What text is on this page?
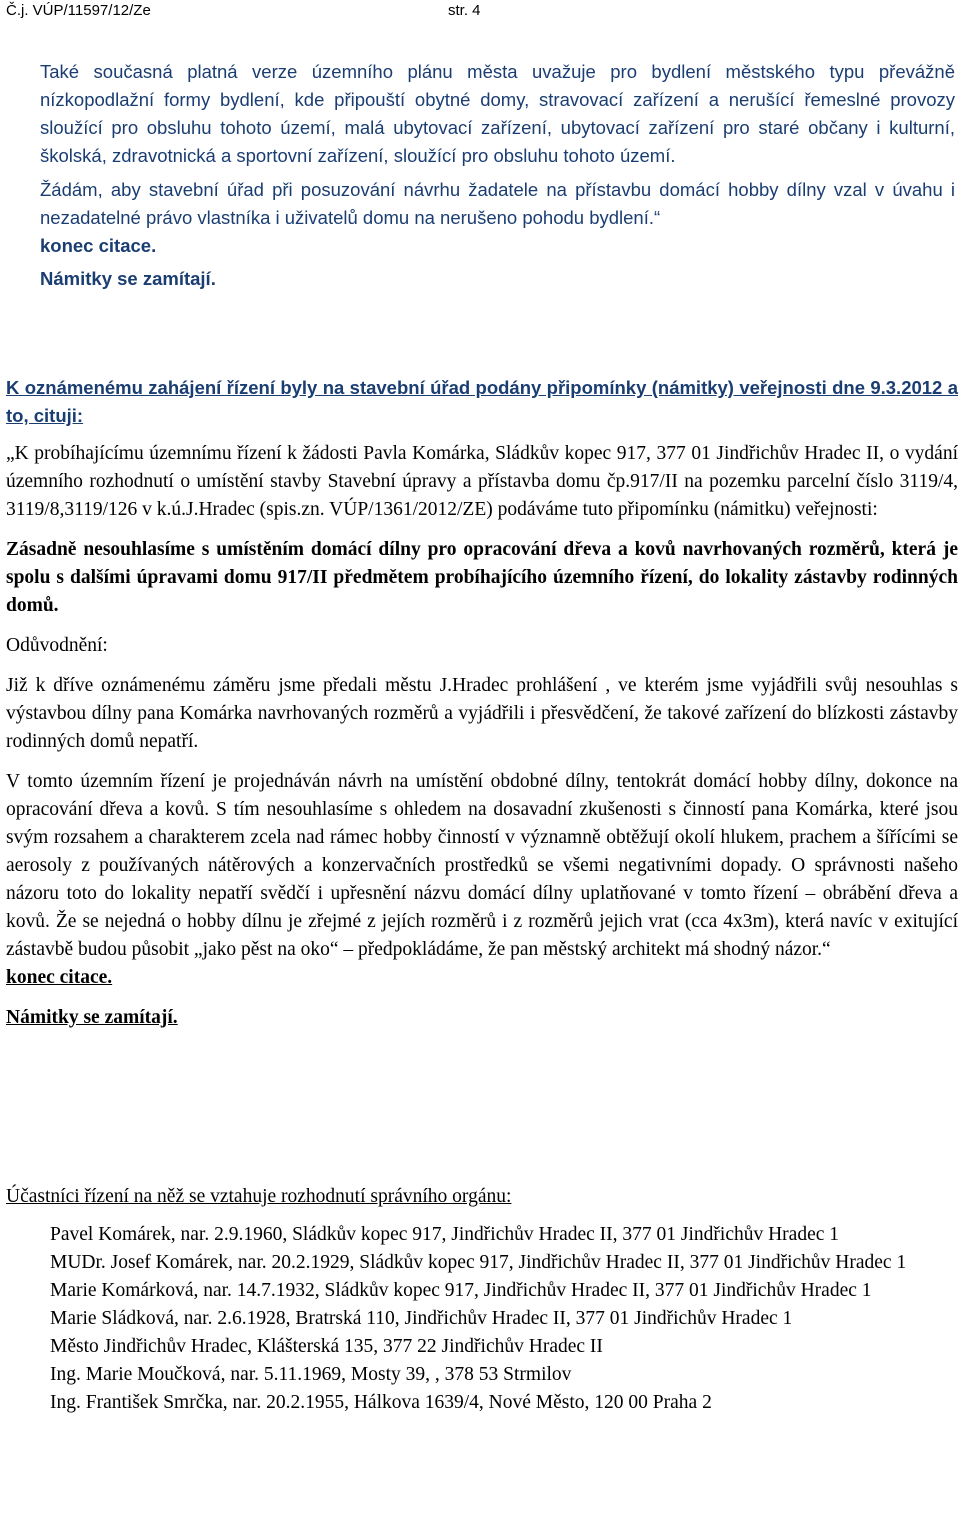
Č.j. VÚP/11597/12/Ze	str. 4

Také současná platná verze územního plánu města uvažuje pro bydlení městského typu převážně nízkopodlažní formy bydlení, kde připouští obytné domy, stravovací zařízení a nerušící řemeslné provozy sloužící pro obsluhu tohoto území, malá ubytovací zařízení, ubytovací zařízení pro staré občany i kulturní, školská, zdravotnická a sportovní zařízení, sloužící pro obsluhu tohoto území.

Žádám, aby stavební úřad při posuzování návrhu žadatele na přístavbu domácí hobby dílny vzal v úvahu i nezadatelné právo vlastníka i uživatelů domu na nerušeno pohodu bydlení.“

konec citace.

Námitky se zamítají.

K oznámenému zahájení řízení byly na stavební úřad podány připomínky (námitky) veřejnosti dne 9.3.2012 a to, cituji:

„K probíhajícímu územnímu řízení k žádosti Pavla Komárka, Sládkův kopec 917, 377 01 Jindřichův Hradec II, o vydání územního rozhodnutí o umístění stavby Stavební úpravy a přístavba domu čp.917/II na pozemku parcelní číslo 3119/4, 3119/8,3119/126 v k.ú.J.Hradec (spis.zn. VÚP/1361/2012/ZE) podáváme tuto připomínku (námitku) veřejnosti:

Zásadně nesouhlasíme s umístěním domácí dílny pro opracování dřeva a kovů navrhovaných rozměrů, která je spolu s dalšími úpravami domu 917/II předmětem probíhajícího územního řízení, do lokality zástavby rodinných domů.

Odůvodnění:

Již k dříve oznámenému záměru jsme předali městu J.Hradec prohlášení , ve kterém jsme vyjádřili svůj nesouhlas s výstavbou dílny pana Komárka navrhovaných rozměrů a vyjádřili i přesvědčení, že takové zařízení do blízkosti zástavby rodinných domů nepatří.

V tomto územním řízení je projednáván návrh na umístění obdobné dílny, tentokrát domácí hobby dílny, dokonce na opracování dřeva a kovů. S tím nesouhlasíme s ohledem na dosavadní zkušenosti s činností pana Komárka, které jsou svým rozsahem a charakterem zcela nad rámec hobby činností v významně obtěžují okolí hlukem, prachem a šířícími se aerosoly z používaných nátěrových a konzervačních prostředků se všemi negativními dopady. O správnosti našeho názoru toto do lokality nepatří svědčí i upřesnění názvu domácí dílny uplatňované v tomto řízení – obrábění dřeva a kovů. Že se nejedná o hobby dílnu je zřejmé z jejích rozměrů i z rozměrů jejich vrat (cca 4x3m), která navíc v exitující zástavbě budou působit „jako pěst na oko“ – předpokládáme, že pan městský architekt má shodný názor.“

konec citace.

Námitky se zamítají.

Účastníci řízení na něž se vztahuje rozhodnutí správního orgánu:

Pavel Komárek, nar. 2.9.1960, Sládkův kopec 917, Jindřichův Hradec II, 377 01 Jindřichův Hradec 1

MUDr. Josef Komárek, nar. 20.2.1929, Sládkův kopec 917, Jindřichův Hradec II, 377 01 Jindřichův Hradec 1

Marie Komárková, nar. 14.7.1932, Sládkův kopec 917, Jindřichův Hradec II, 377 01 Jindřichův Hradec 1

Marie Sládková, nar. 2.6.1928, Bratrská 110, Jindřichův Hradec II, 377 01 Jindřichův Hradec 1

Město Jindřichův Hradec, Klášterská 135, 377 22 Jindřichův Hradec II

Ing. Marie Moučková, nar. 5.11.1969, Mosty 39, , 378 53 Strmilov

Ing. František Smrčka, nar. 20.2.1955, Hálkova 1639/4, Nové Město, 120 00 Praha 2
